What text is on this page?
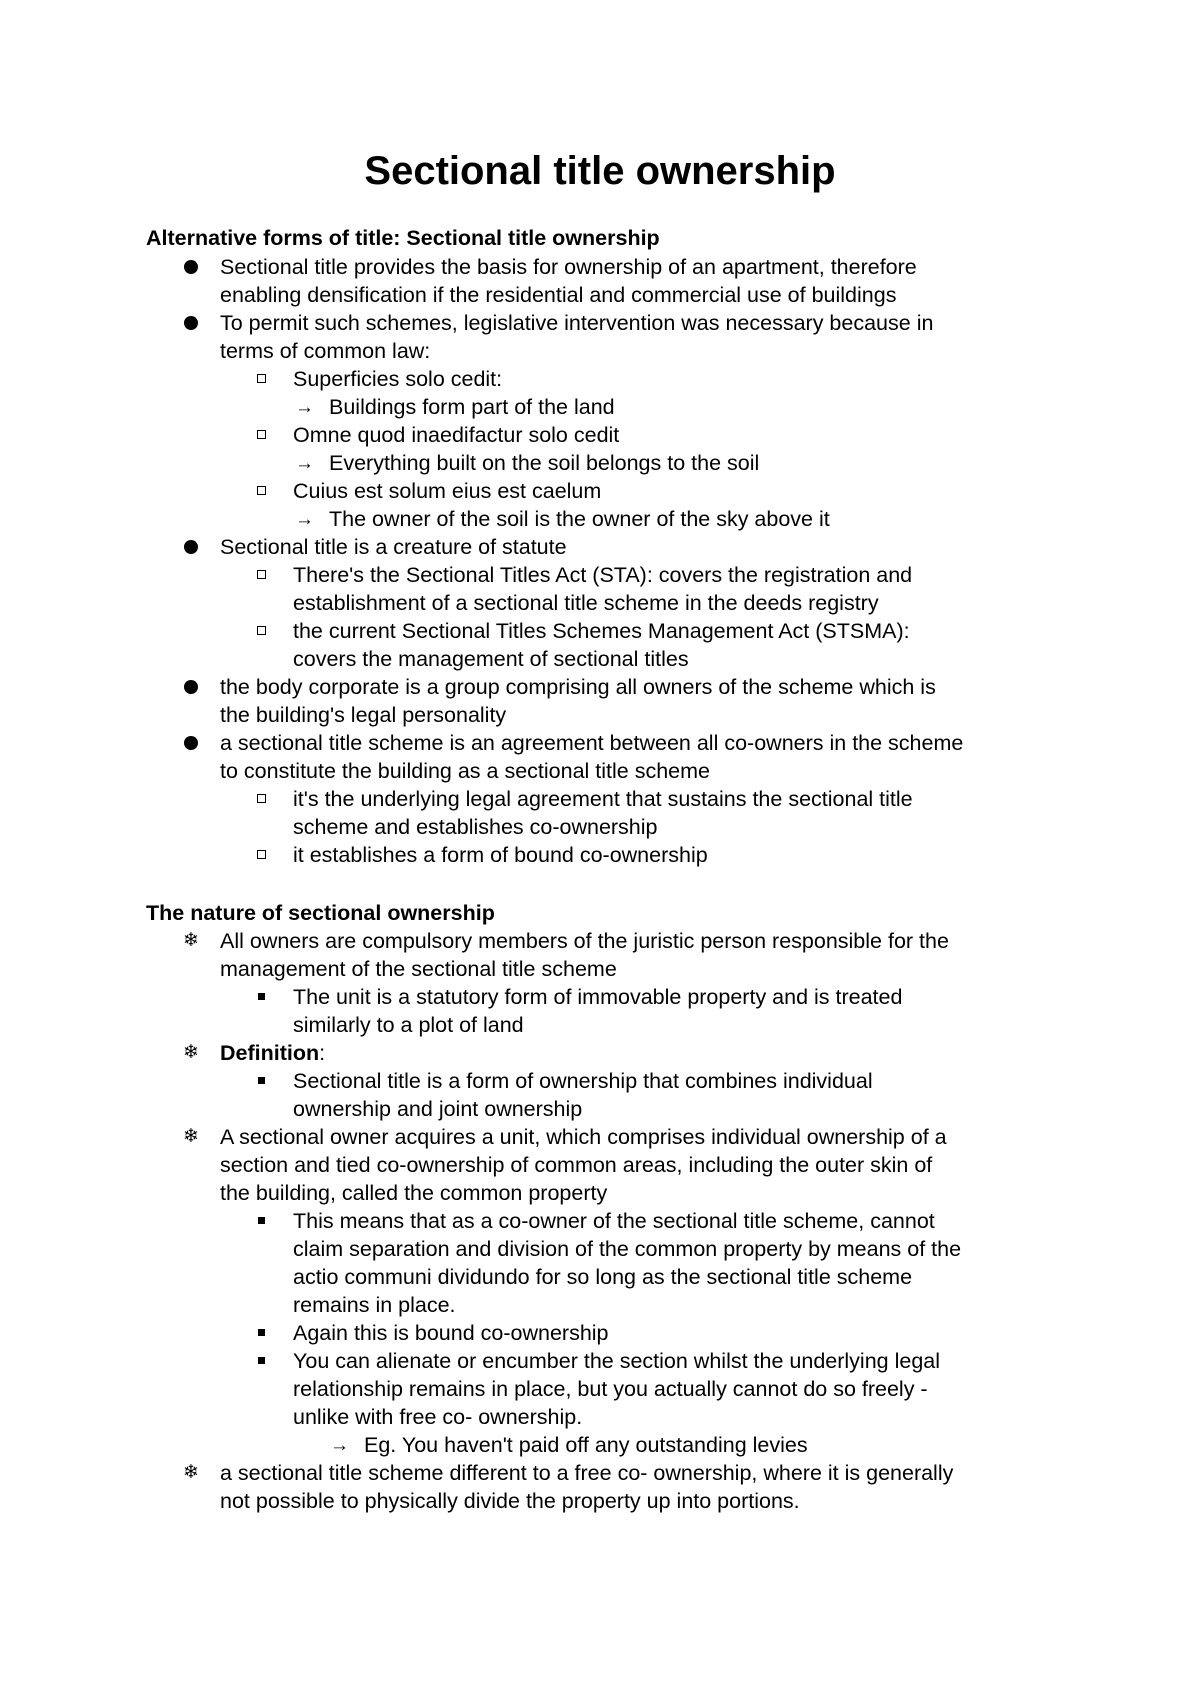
Sectional title ownership
Alternative forms of title: Sectional title ownership
Sectional title provides the basis for ownership of an apartment, therefore
enabling densification if the residential and commercial use of buildings
To permit such schemes, legislative intervention was necessary because in
terms of common law:
Superficies solo cedit:
→ Buildings form part of the land
Omne quod inaedifactur solo cedit
→ Everything built on the soil belongs to the soil
Cuius est solum eius est caelum
→ The owner of the soil is the owner of the sky above it
Sectional title is a creature of statute
There's the Sectional Titles Act (STA): covers the registration and
establishment of a sectional title scheme in the deeds registry
the current Sectional Titles Schemes Management Act (STSMA):
covers the management of sectional titles
the body corporate is a group comprising all owners of the scheme which is
the building's legal personality
a sectional title scheme is an agreement between all co-owners in the scheme
to constitute the building as a sectional title scheme
it's the underlying legal agreement that sustains the sectional title
scheme and establishes co-ownership
it establishes a form of bound co-ownership
The nature of sectional ownership
❄ All owners are compulsory members of the juristic person responsible for the
management of the sectional title scheme
The unit is a statutory form of immovable property and is treated
similarly to a plot of land
❄ Definition:
Sectional title is a form of ownership that combines individual
ownership and joint ownership
❄ A sectional owner acquires a unit, which comprises individual ownership of a
section and tied co-ownership of common areas, including the outer skin of
the building, called the common property
This means that as a co-owner of the sectional title scheme, cannot
claim separation and division of the common property by means of the
actio communi dividundo for so long as the sectional title scheme
remains in place.
Again this is bound co-ownership
You can alienate or encumber the section whilst the underlying legal
relationship remains in place, but you actually cannot do so freely -
unlike with free co- ownership.
→ Eg. You haven't paid off any outstanding levies
❄ a sectional title scheme different to a free co- ownership, where it is generally
not possible to physically divide the property up into portions.
